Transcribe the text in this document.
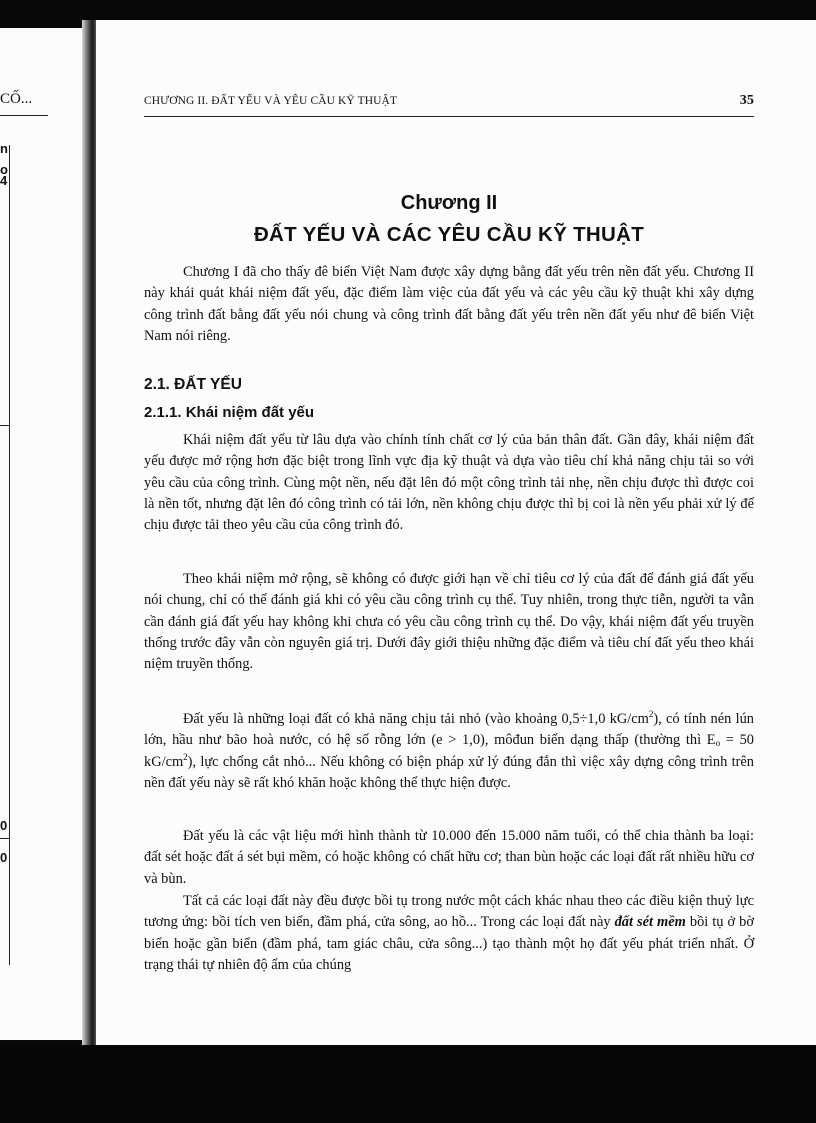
CỐ...
n
o
4
0
0
CHƯƠNG II. ĐẤT YẾU VÀ YÊU CẦU KỸ THUẬT	35
Chương II
ĐẤT YẾU VÀ CÁC YÊU CẦU KỸ THUẬT

Chương I đã cho thấy đê biển Việt Nam được xây dựng bằng đất yếu trên nền đất yếu. Chương II này khái quát khái niệm đất yếu, đặc điểm làm việc của đất yếu và các yêu cầu kỹ thuật khi xây dựng công trình đất bằng đất yếu nói chung và công trình đất bằng đất yếu trên nền đất yếu như đê biển Việt Nam nói riêng.

2.1. ĐẤT YẾU
2.1.1. Khái niệm đất yếu

Khái niệm đất yếu từ lâu dựa vào chính tính chất cơ lý của bản thân đất. Gần đây, khái niệm đất yếu được mở rộng hơn đặc biệt trong lĩnh vực địa kỹ thuật và dựa vào tiêu chí khả năng chịu tải so với yêu cầu của công trình. Cùng một nền, nếu đặt lên đó một công trình tải nhẹ, nền chịu được thì được coi là nền tốt, nhưng đặt lên đó công trình có tải lớn, nền không chịu được thì bị coi là nền yếu phải xử lý để chịu được tải theo yêu cầu của công trình đó.

Theo khái niệm mở rộng, sẽ không có được giới hạn về chỉ tiêu cơ lý của đất để đánh giá đất yếu nói chung, chỉ có thể đánh giá khi có yêu cầu công trình cụ thể. Tuy nhiên, trong thực tiễn, người ta vẫn cần đánh giá đất yếu hay không khi chưa có yêu cầu công trình cụ thể. Do vậy, khái niệm đất yếu truyền thống trước đây vẫn còn nguyên giá trị. Dưới đây giới thiệu những đặc điểm và tiêu chí đất yếu theo khái niệm truyền thống.

Đất yếu là những loại đất có khả năng chịu tải nhỏ (vào khoảng 0,5÷1,0 $kG/cm^2$), có tính nén lún lớn, hầu như bão hoà nước, có hệ số rỗng lớn (e > 1,0), môđun biến dạng thấp (thường thì $E_o = 50$ $kG/cm^2$), lực chống cắt nhỏ... Nếu không có biện pháp xử lý đúng đắn thì việc xây dựng công trình trên nền đất yếu này sẽ rất khó khăn hoặc không thể thực hiện được.

Đất yếu là các vật liệu mới hình thành từ 10.000 đến 15.000 năm tuổi, có thể chia thành ba loại: đất sét hoặc đất á sét bụi mềm, có hoặc không có chất hữu cơ; than bùn hoặc các loại đất rất nhiều hữu cơ và bùn.

Tất cả các loại đất này đều được bồi tụ trong nước một cách khác nhau theo các điều kiện thuỷ lực tương ứng: bồi tích ven biển, đầm phá, cửa sông, ao hồ... Trong các loại đất này đất sét mềm bồi tụ ở bờ biển hoặc gần biển (đầm phá, tam giác châu, cửa sông...) tạo thành một họ đất yếu phát triển nhất. Ở trạng thái tự nhiên độ ẩm của chúng
